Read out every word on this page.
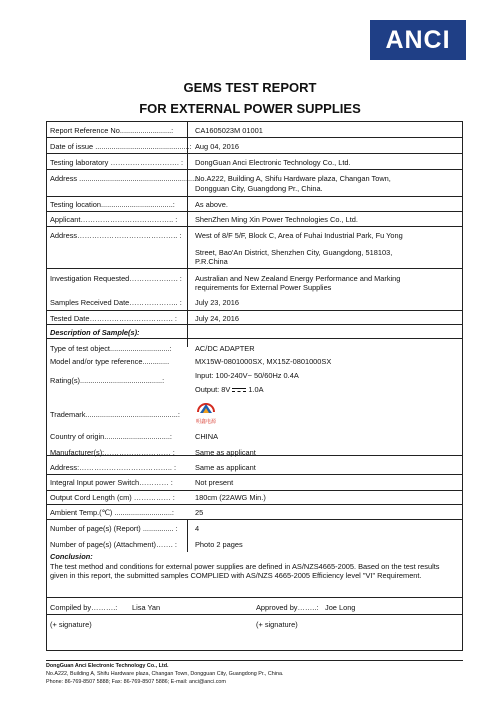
ANCI
GEMS TEST REPORT
FOR EXTERNAL POWER SUPPLIES
Report Reference No.........................:	CA1605023M 01001
Date of issue ..............................................: Aug 04, 2016
Testing laboratory ………………………. : DongGuan Anci Electronic Technology Co., Ltd.
Address .........................................................:
No.A222, Building A, Shifu Hardware plaza, Changan Town,
Dongguan City, Guangdong Pr., China.
Testing location...................................:	As above.
Applicant……………………………….. : ShenZhen Ming Xin Power Technologies Co., Ltd.
Address………………………………….. : West of 8/F 5/F, Block C, Area of Fuhai Industrial Park, Fu Yong
Street, Bao'An District, Shenzhen City, Guangdong, 518103,
P.R.China
Investigation Requested…………….…. : Australian and New Zealand Energy Performance and Marking
requirements for External Power Supplies
Samples Received Date……………….. : July 23, 2016
Tested Date……………………………. : July 24, 2016
Description of Sample(s):
Type of test object.............................:	AC/DC ADAPTER
Model and/or type reference.............	MX15W-0801000SX, MX15Z-0801000SX
Rating(s)........................................:
Input: 100-240V~ 50/60Hz 0.4A
Output: 8V 1.0A
Trademark.............................................:
明鑫电源
Country of origin................................:	CHINA
Manufacturer(s):……………………… :	Same as applicant
Address:……………………………….. :	Same as applicant
Integral Input power Switch………… :	Not present
Output Cord Length (cm) …………… :	180cm (22AWG Min.)
Ambient Temp.(℃) ............................:	25
Number of page(s) (Report) ............... : 4
Number of page(s) (Attachment)……. : Photo 2 pages
Conclusion:
The test method and conditions for external power supplies are defined in AS/NZS4665-2005. Based on the test results given in this report, the submitted samples COMPLIED with AS/NZS 4665-2005 Efficiency level "VI" Requirement.
Compiled by……….: Lisa Yan	Approved by……..: Joe Long
(+ signature)	(+ signature)
DongGuan Anci Electronic Technology Co., Ltd.
No.A222, Building A, Shifu Hardware plaza, Changan Town, Dongguan City, Guangdong Pr., China.
Phone: 86-769-8507 5888; Fax: 86-769-8507 5886; E-mail: anci@anci.com
